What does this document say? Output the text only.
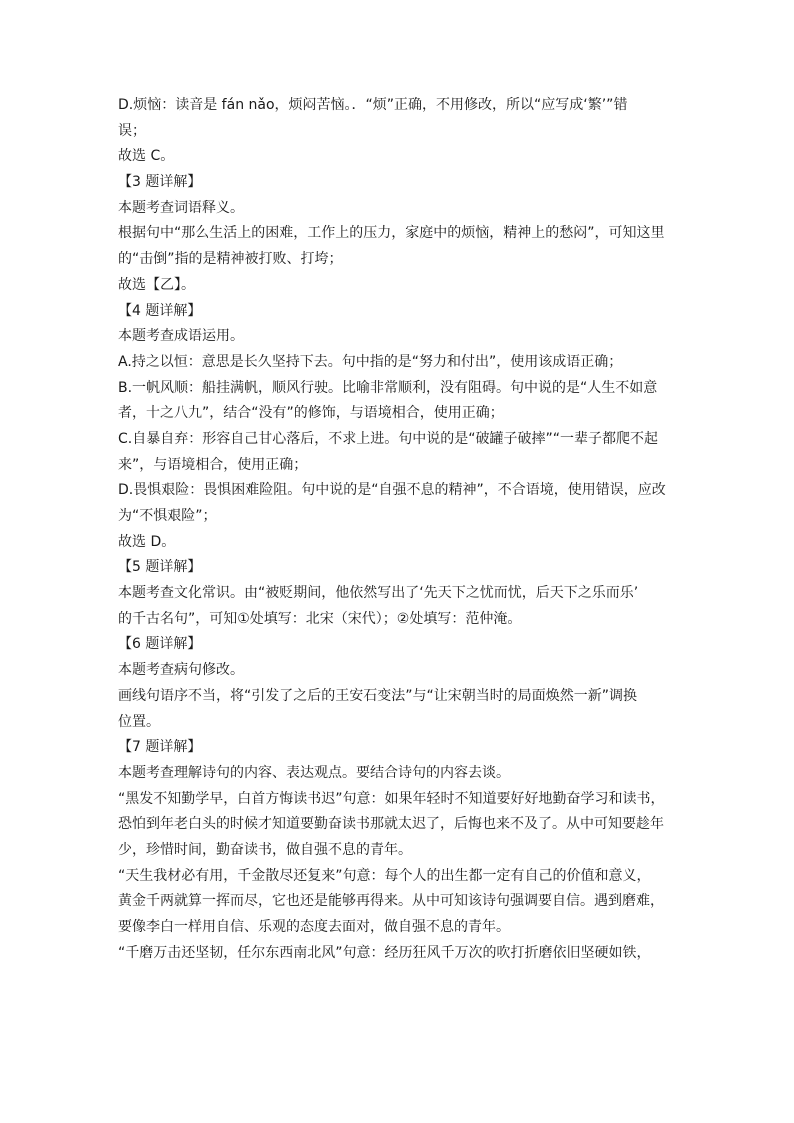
D.烦恼：读音是 fán nǎo，烦闷苦恼。．“烦”正确，不用修改，所以“应写成‘繁’”错
误；
故选 C。
【3 题详解】
本题考查词语释义。
根据句中“那么生活上的困难，工作上的压力，家庭中的烦恼，精神上的愁闷”，可知这里
的“击倒”指的是精神被打败、打垮；
故选【乙】。
【4 题详解】
本题考查成语运用。
A.持之以恒：意思是长久坚持下去。句中指的是“努力和付出”，使用该成语正确；
B.一帆风顺：船挂满帆，顺风行驶。比喻非常顺利，没有阻碍。句中说的是“人生不如意
者，十之八九”，结合“没有”的修饰，与语境相合，使用正确；
C.自暴自弃：形容自己甘心落后，不求上进。句中说的是“破罐子破摔”“一辈子都爬不起
来”，与语境相合，使用正确；
D.畏惧艰险：畏惧困难险阻。句中说的是“自强不息的精神”，不合语境，使用错误，应改
为“不惧艰险”；
故选 D。
【5 题详解】
本题考查文化常识。由“被贬期间，他依然写出了‘先天下之忧而忧，后天下之乐而乐’
的千古名句”，可知①处填写：北宋（宋代）；②处填写：范仲淹。
【6 题详解】
本题考查病句修改。
画线句语序不当，将“引发了之后的王安石变法”与“让宋朝当时的局面焕然一新”调换
位置。
【7 题详解】
本题考查理解诗句的内容、表达观点。要结合诗句的内容去谈。
“黑发不知勤学早，白首方悔读书迟”句意：如果年轻时不知道要好好地勤奋学习和读书，
恐怕到年老白头的时候才知道要勤奋读书那就太迟了，后悔也来不及了。从中可知要趁年
少，珍惜时间，勤奋读书，做自强不息的青年。
“天生我材必有用，千金散尽还复来”句意：每个人的出生都一定有自己的价值和意义，
黄金千两就算一挥而尽，它也还是能够再得来。从中可知该诗句强调要自信。遇到磨难，
要像李白一样用自信、乐观的态度去面对，做自强不息的青年。
“千磨万击还坚韧，任尔东西南北风”句意：经历狂风千万次的吹打折磨依旧坚硬如铁，
